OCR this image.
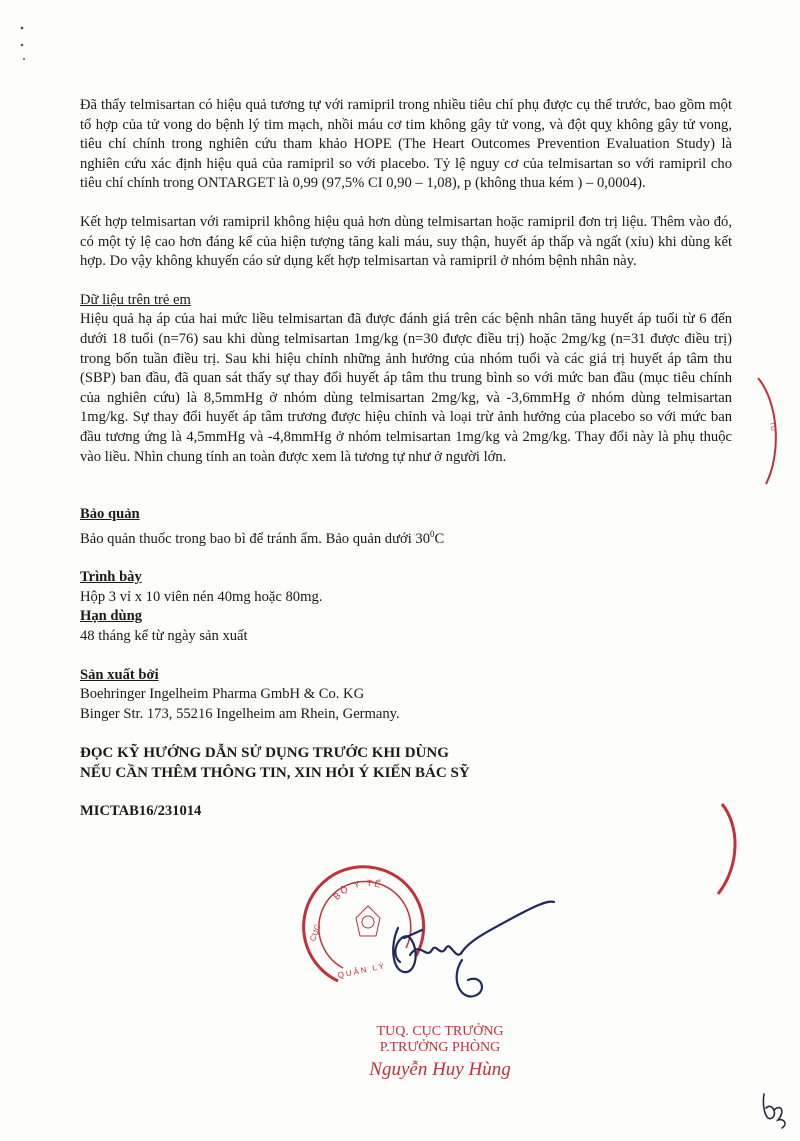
Đã thấy telmisartan có hiệu quả tương tự với ramipril trong nhiều tiêu chí phụ được cụ thể trước, bao gồm một tổ hợp của tử vong do bệnh lý tim mạch, nhồi máu cơ tim không gây tử vong, và đột quỵ không gây tử vong, tiêu chí chính trong nghiên cứu tham khảo HOPE (The Heart Outcomes Prevention Evaluation Study) là nghiên cứu xác định hiệu quả của ramipril so với placebo. Tỷ lệ nguy cơ của telmisartan so với ramipril cho tiêu chí chính trong ONTARGET là 0,99 (97,5% CI 0,90 – 1,08), p (không thua kém ) – 0,0004).

Kết hợp telmisartan với ramipril không hiệu quả hơn dùng telmisartan hoặc ramipril đơn trị liệu. Thêm vào đó, có một tỷ lệ cao hơn đáng kể của hiện tượng tăng kali máu, suy thận, huyết áp thấp và ngất (xỉu) khi dùng kết hợp. Do vậy không khuyến cáo sử dụng kết hợp telmisartan và ramipril ở nhóm bệnh nhân này.

Dữ liệu trên trẻ em

Hiệu quả hạ áp của hai mức liều telmisartan đã được đánh giá trên các bệnh nhân tăng huyết áp tuổi từ 6 đến dưới 18 tuổi (n=76) sau khi dùng telmisartan 1mg/kg (n=30 được điều trị) hoặc 2mg/kg (n=31 được điều trị) trong bốn tuần điều trị. Sau khi hiệu chỉnh những ảnh hưởng của nhóm tuổi và các giá trị huyết áp tâm thu (SBP) ban đầu, đã quan sát thấy sự thay đổi huyết áp tâm thu trung bình so với mức ban đầu (mục tiêu chính của nghiên cứu) là 8,5mmHg ở nhóm dùng telmisartan 2mg/kg, và -3,6mmHg ở nhóm dùng telmisartan 1mg/kg. Sự thay đổi huyết áp tâm trương được hiệu chỉnh và loại trừ ảnh hưởng của placebo so với mức ban đầu tương ứng là 4,5mmHg và -4,8mmHg ở nhóm telmisartan 1mg/kg và 2mg/kg. Thay đổi này là phụ thuộc vào liều. Nhìn chung tính an toàn được xem là tương tự như ở người lớn.

Bảo quản

Bảo quản thuốc trong bao bì để tránh ẩm. Bảo quản dưới $30^0C$

Trình bày

Hộp 3 vỉ x 10 viên nén 40mg hoặc 80mg.

Hạn dùng

48 tháng kể từ ngày sản xuất

Sản xuất bởi

Boehringer Ingelheim Pharma GmbH & Co. KG

Binger Str. 173, 55216 Ingelheim am Rhein, Germany.

ĐỌC KỸ HƯỚNG DẪN SỬ DỤNG TRƯỚC KHI DÙNG

NẾU CẦN THÊM THÔNG TIN, XIN HỎI Ý KIẾN BÁC SỸ

MICTAB16/231014

BỘ Y TẾ
QUẢN LÝ
CỤC
TU
TUQ. CỤC TRƯỞNG
P.TRƯỞNG PHÒNG
Nguyễn Huy Hùng
